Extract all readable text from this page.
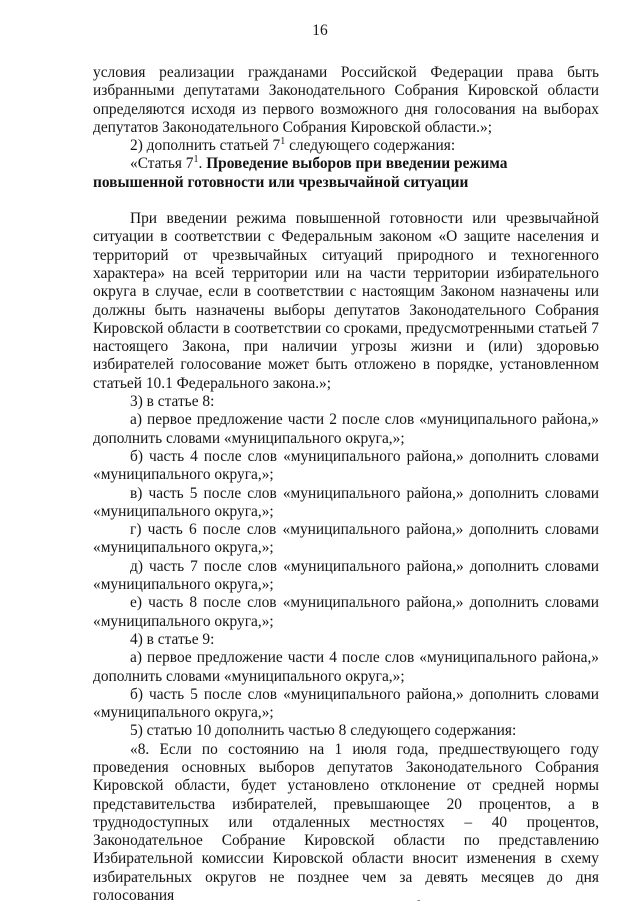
16

условия реализации гражданами Российской Федерации права быть избранными депутатами Законодательного Собрания Кировской области определяются исходя из первого возможного дня голосования на выборах депутатов Законодательного Собрания Кировской области.»;

2) дополнить статьей $7^1$ следующего содержания:

«Статья $7^1$. Проведение выборов при введении режима повышенной готовности или чрезвычайной ситуации

При введении режима повышенной готовности или чрезвычайной ситуации в соответствии с Федеральным законом «О защите населения и территорий от чрезвычайных ситуаций природного и техногенного характера» на всей территории или на части территории избирательного округа в случае, если в соответствии с настоящим Законом назначены или должны быть назначены выборы депутатов Законодательного Собрания Кировской области в соответствии со сроками, предусмотренными статьей 7 настоящего Закона, при наличии угрозы жизни и (или) здоровью избирателей голосование может быть отложено в порядке, установленном статьей 10.1 Федерального закона.»;

3) в статье 8:

а) первое предложение части 2 после слов «муниципального района,» дополнить словами «муниципального округа,»;

б) часть 4 после слов «муниципального района,» дополнить словами «муниципального округа,»;

в) часть 5 после слов «муниципального района,» дополнить словами «муниципального округа,»;

г) часть 6 после слов «муниципального района,» дополнить словами «муниципального округа,»;

д) часть 7 после слов «муниципального района,» дополнить словами «муниципального округа,»;

е) часть 8 после слов «муниципального района,» дополнить словами «муниципального округа,»;

4) в статье 9:

а) первое предложение части 4 после слов «муниципального района,» дополнить словами «муниципального округа,»;

б) часть 5 после слов «муниципального района,» дополнить словами «муниципального округа,»;

5) статью 10 дополнить частью 8 следующего содержания:

«8. Если по состоянию на 1 июля года, предшествующего году проведения основных выборов депутатов Законодательного Собрания Кировской области, будет установлено отклонение от средней нормы представительства избирателей, превышающее 20 процентов, а в труднодоступных или отдаленных местностях – 40 процентов, Законодательное Собрание Кировской области по представлению Избирательной комиссии Кировской области вносит изменения в схему избирательных округов не позднее чем за девять месяцев до дня голосования	-
